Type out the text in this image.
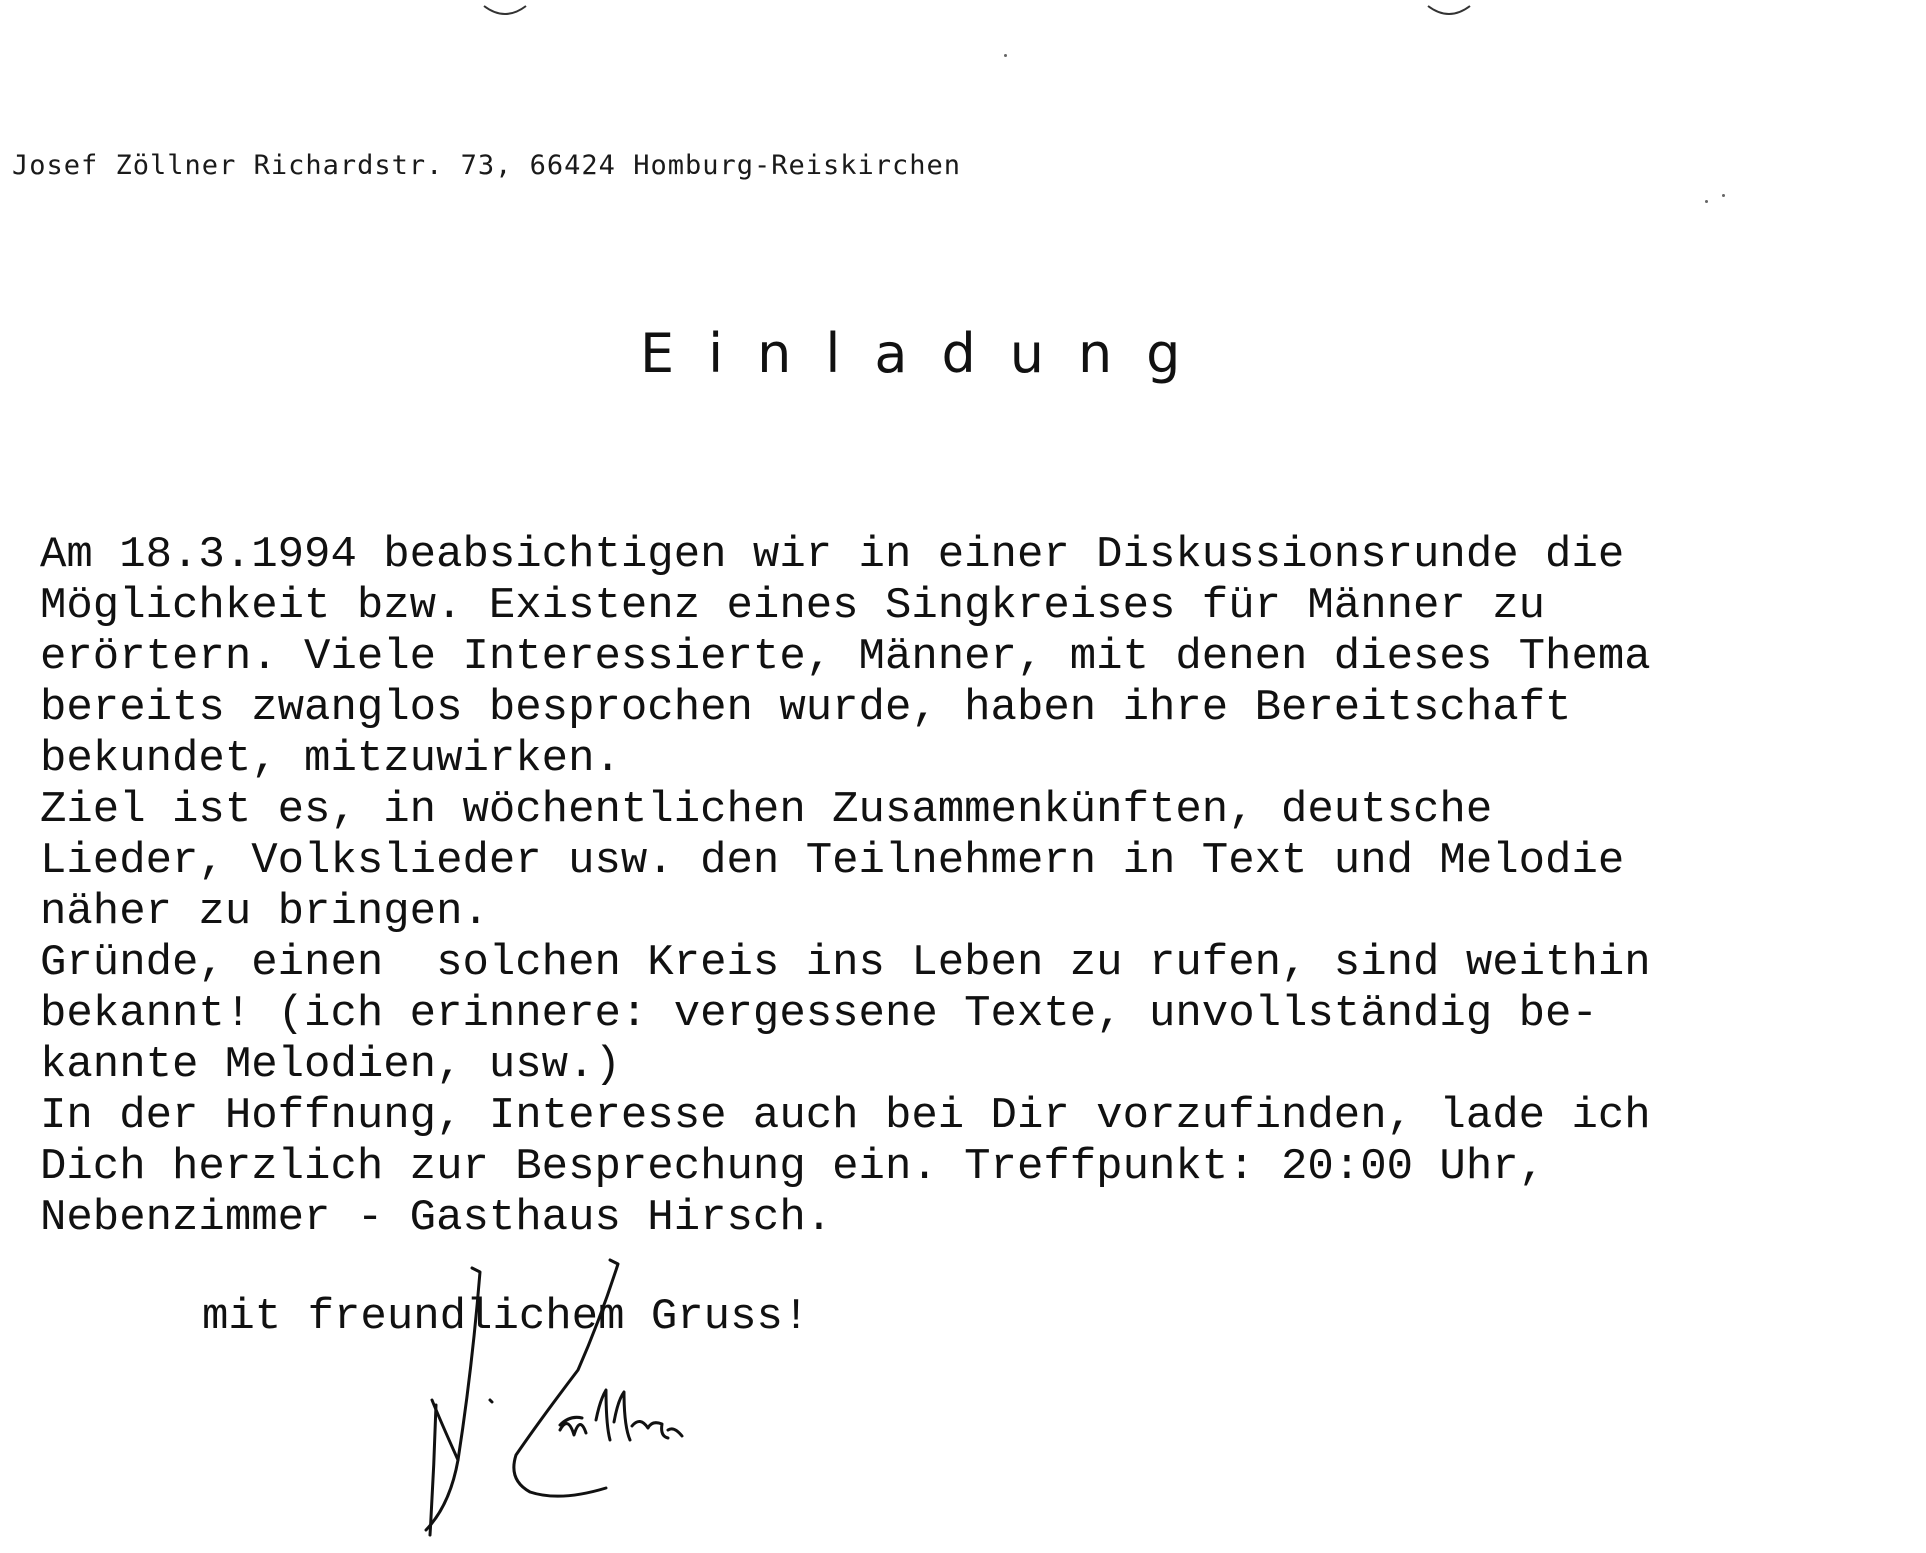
Josef Zöllner Richardstr. 73, 66424 Homburg-Reiskirchen
Einladung
Am 18.3.1994 beabsichtigen wir in einer Diskussionsrunde die
Möglichkeit bzw. Existenz eines Singkreises für Männer zu
erörtern. Viele Interessierte, Männer, mit denen dieses Thema
bereits zwanglos besprochen wurde, haben ihre Bereitschaft
bekundet, mitzuwirken.
Ziel ist es, in wöchentlichen Zusammenkünften, deutsche
Lieder, Volkslieder usw. den Teilnehmern in Text und Melodie
näher zu bringen.
Gründe, einen  solchen Kreis ins Leben zu rufen, sind weithin
bekannt! (ich erinnere: vergessene Texte, unvollständig be-
kannte Melodien, usw.)
In der Hoffnung, Interesse auch bei Dir vorzufinden, lade ich
Dich herzlich zur Besprechung ein. Treffpunkt: 20:00 Uhr,
Nebenzimmer - Gasthaus Hirsch.
mit freundlichem Gruss!
